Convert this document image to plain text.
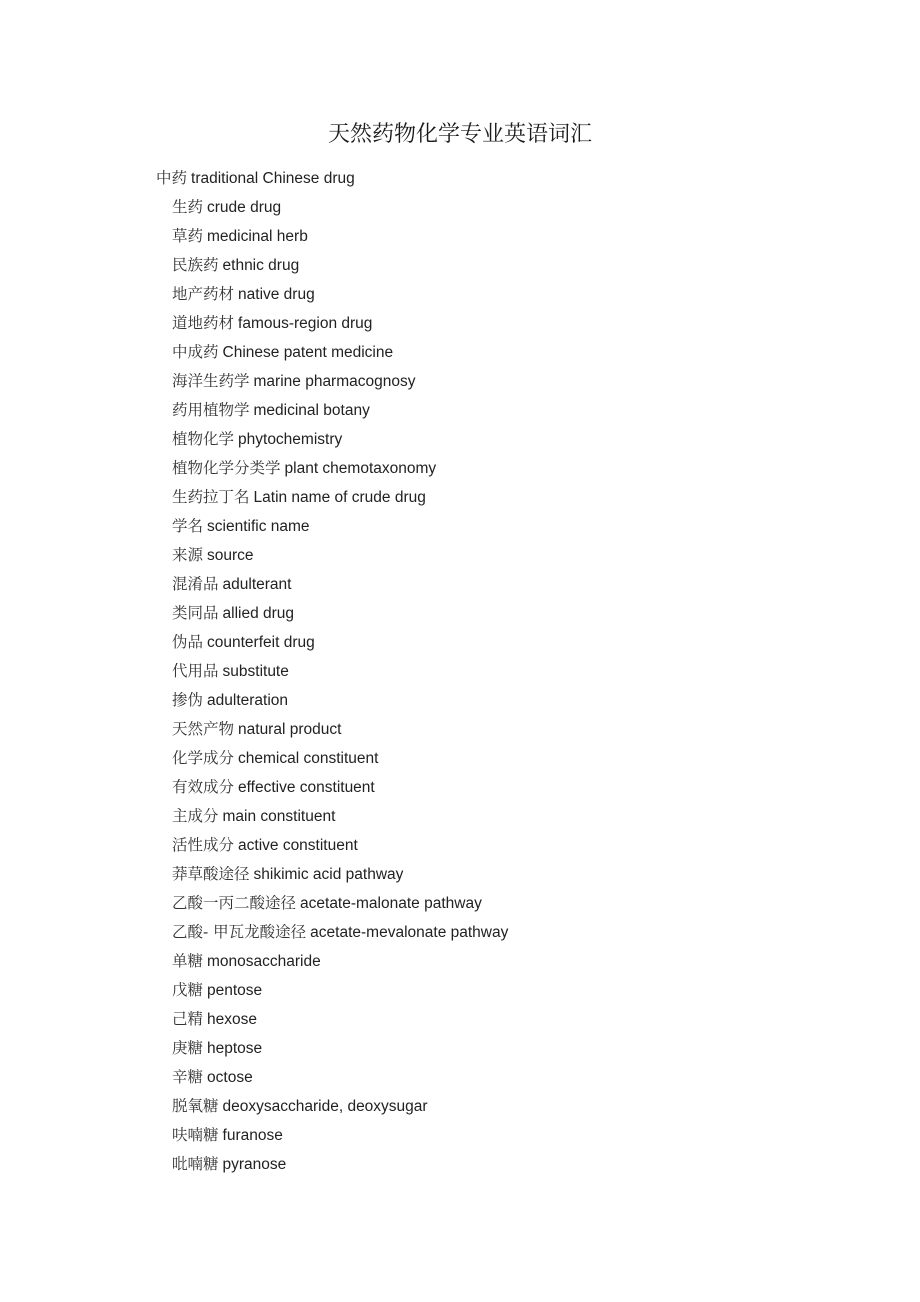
天然药物化学专业英语词汇
中药 traditional Chinese drug
生药 crude drug
草药 medicinal herb
民族药 ethnic drug
地产药材 native drug
道地药材 famous-region drug
中成药 Chinese patent medicine
海洋生药学 marine pharmacognosy
药用植物学 medicinal botany
植物化学 phytochemistry
植物化学分类学 plant chemotaxonomy
生药拉丁名 Latin name of crude drug
学名 scientific name
来源 source
混淆品 adulterant
类同品 allied drug
伪品 counterfeit drug
代用品 substitute
掺伪 adulteration
天然产物 natural product
化学成分 chemical constituent
有效成分 effective constituent
主成分 main constituent
活性成分 active constituent
莽草酸途径 shikimic acid pathway
乙酸一丙二酸途径 acetate-malonate pathway
乙酸- 甲瓦龙酸途径 acetate-mevalonate pathway
单糖 monosaccharide
戊糖 pentose
己精 hexose
庚糖 heptose
辛糖 octose
脱氧糖 deoxysaccharide, deoxysugar
呋喃糖 furanose
吡喃糖 pyranose
